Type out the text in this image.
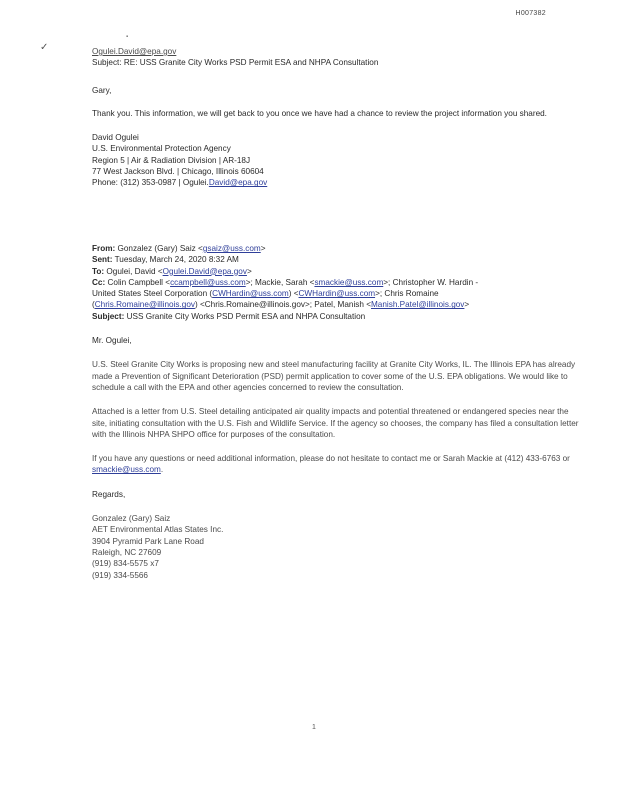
H007382
✓
▪
Ogulei.David@epa.gov
Subject: RE: USS Granite City Works PSD Permit ESA and NHPA Consultation
Gary,
Thank you. This information, we will get back to you once we have had a chance to review the project information you shared.
David Ogulei
U.S. Environmental Protection Agency
Region 5 | Air & Radiation Division | AR-18J
77 West Jackson Blvd. | Chicago, Illinois 60604
Phone: (312) 353-0987 | Ogulei.David@epa.gov
From: Gonzalez (Gary) Saiz <gsaiz@uss.com>
Sent: Tuesday, March 24, 2020 8:32 AM
To: Ogulei, David <Ogulei.David@epa.gov>
Cc: Colin Campbell <ccampbell@uss.com>; Mackie, Sarah <smackie@uss.com>; Christopher W. Hardin -
United States Steel Corporation (CWHardin@uss.com) <CWHardin@uss.com>; Chris Romaine
(Chris.Romaine@illinois.gov) <Chris.Romaine@illinois.gov>; Patel, Manish <Manish.Patel@illinois.gov>
Subject: USS Granite City Works PSD Permit ESA and NHPA Consultation
Mr. Ogulei,
U.S. Steel Granite City Works is proposing new and steel manufacturing facility at Granite City Works, IL. The Illinois EPA has already made a Prevention of Significant Deterioration (PSD) permit application to cover some of the U.S. EPA obligations. We would like to schedule a call with the EPA and other agencies concerned to review the consultation.
Attached is a letter from U.S. Steel detailing anticipated air quality impacts and potential threatened or endangered species near the site, initiating consultation with the U.S. Fish and Wildlife Service. If the agency so chooses, the company has filed a consultation letter with the Illinois NHPA SHPO office for purposes of the consultation.
If you have any questions or need additional information, please do not hesitate to contact me or Sarah Mackie at (412) 433-6763 or smackie@uss.com.
Regards,
Gonzalez (Gary) Saiz
AET Environmental Atlas States Inc.
3904 Pyramid Park Lane Road
Raleigh, NC 27609
(919) 834-5575 x7
(919) 334-5566
1
